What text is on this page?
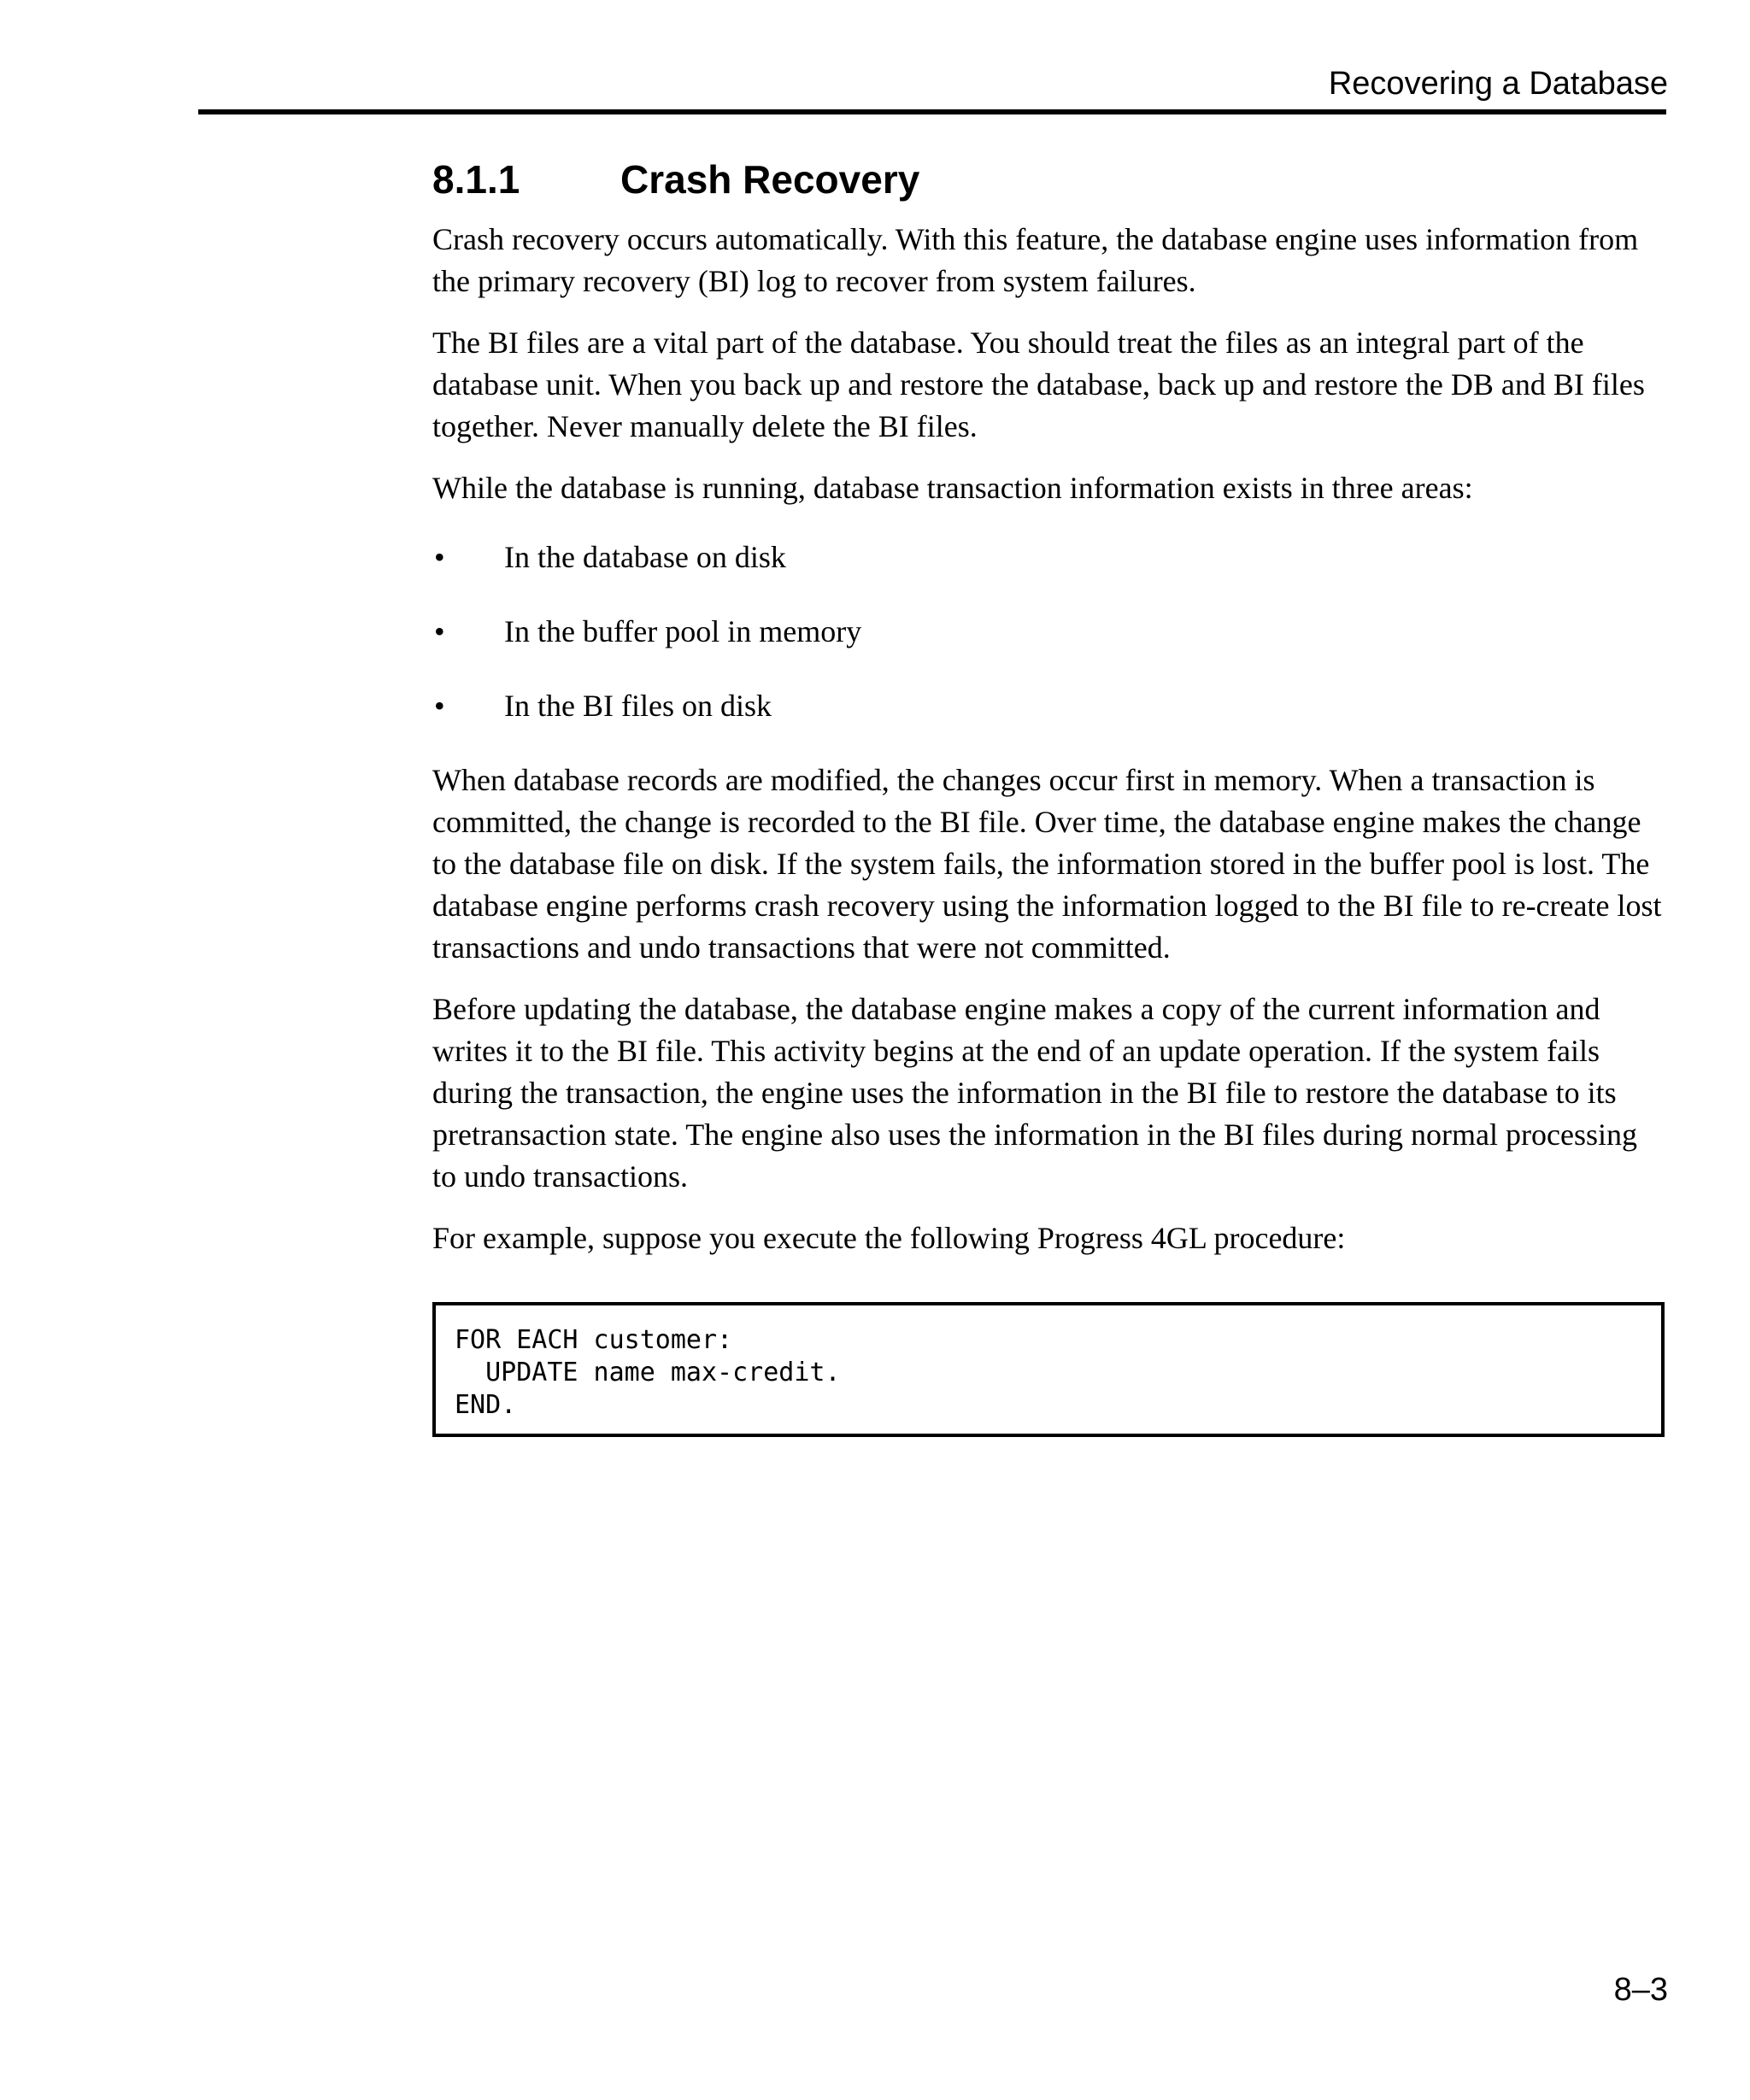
Recovering a Database
8.1.1	Crash Recovery

Crash recovery occurs automatically. With this feature, the database engine uses information from the primary recovery (BI) log to recover from system failures.

The BI files are a vital part of the database. You should treat the files as an integral part of the database unit. When you back up and restore the database, back up and restore the DB and BI files together. Never manually delete the BI files.

While the database is running, database transaction information exists in three areas:

•	In the database on disk
•	In the buffer pool in memory
•	In the BI files on disk

When database records are modified, the changes occur first in memory. When a transaction is committed, the change is recorded to the BI file. Over time, the database engine makes the change to the database file on disk. If the system fails, the information stored in the buffer pool is lost. The database engine performs crash recovery using the information logged to the BI file to re-create lost transactions and undo transactions that were not committed.

Before updating the database, the database engine makes a copy of the current information and writes it to the BI file. This activity begins at the end of an update operation. If the system fails during the transaction, the engine uses the information in the BI file to restore the database to its pretransaction state. The engine also uses the information in the BI files during normal processing to undo transactions.

For example, suppose you execute the following Progress 4GL procedure:

FOR EACH customer:
UPDATE name max-credit.
END.
8–3
